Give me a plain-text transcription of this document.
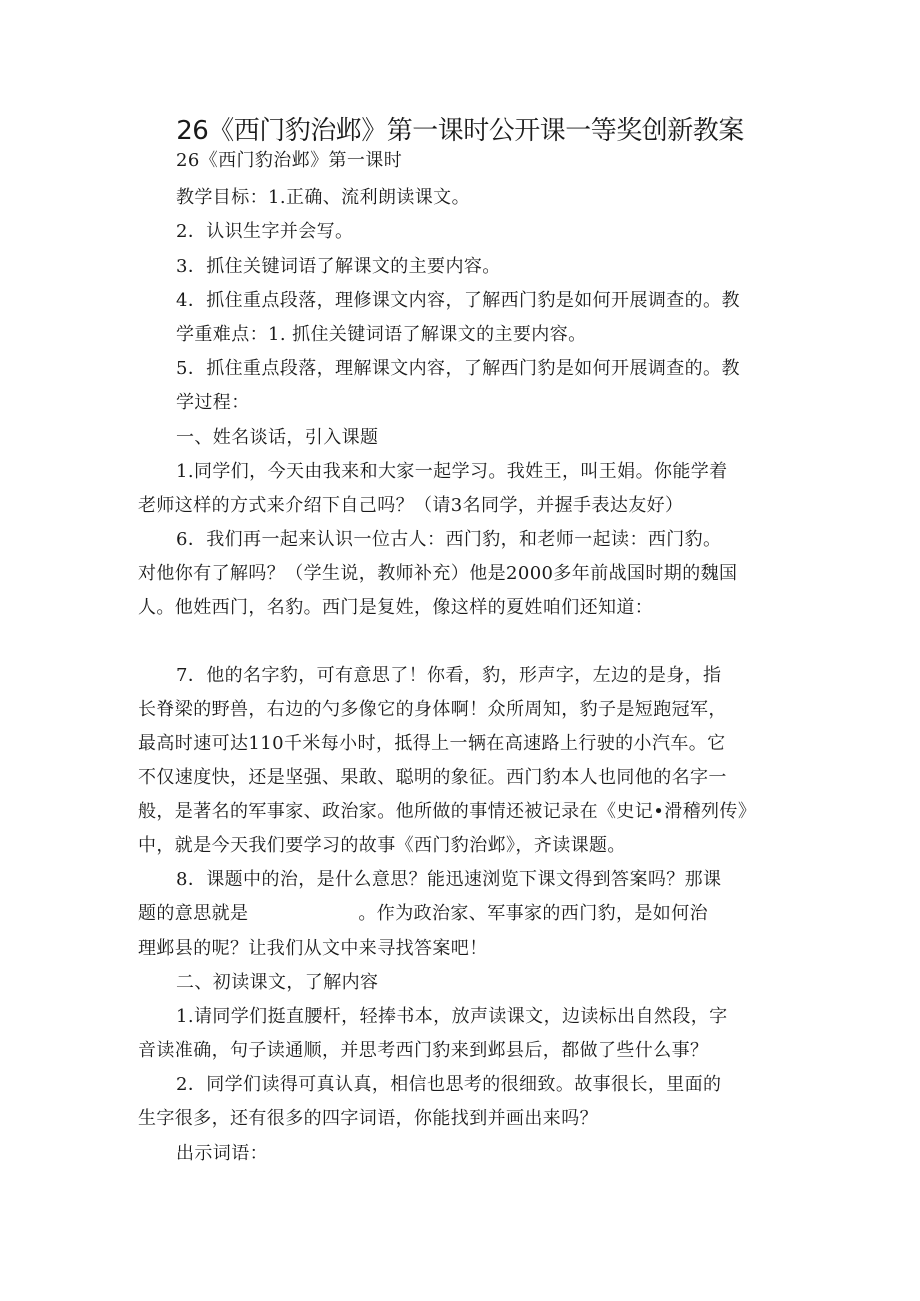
26《西门豹治邺》第一课时公开课一等奖创新教案
26《西门豹治邺》第一课时
教学目标：1.正确、流利朗读课文。
2．认识生字并会写。
3．抓住关键词语了解课文的主要内容。
4．抓住重点段落，理修课文内容，了解西门豹是如何开展调查的。教
学重难点：1. 抓住关键词语了解课文的主要内容。
5．抓住重点段落，理解课文内容，了解西门豹是如何开展调查的。教
学过程：
一、姓名谈话，引入课题
1.同学们，今天由我来和大家一起学习。我姓王，叫王娟。你能学着
老师这样的方式来介绍下自己吗？（请3名同学，并握手表达友好）
6．我们再一起来认识一位古人：西门豹，和老师一起读：西门豹。
对他你有了解吗？（学生说，教师补充）他是2000多年前战国时期的魏国
人。他姓西门，名豹。西门是复姓，像这样的夏姓咱们还知道：
7．他的名字豹，可有意思了！你看，豹，形声字，左边的是身，指
长脊梁的野兽，右边的勺多像它的身体啊！众所周知，豹子是短跑冠军，
最高时速可达110千米每小时，抵得上一辆在高速路上行驶的小汽车。它
不仅速度快，还是坚强、果敢、聪明的象征。西门豹本人也同他的名字一
般，是著名的军事家、政治家。他所做的事情还被记录在《史记•滑稽列传》
中，就是今天我们要学习的故事《西门豹治邺》，齐读课题。
8．课题中的治，是什么意思？能迅速浏览下课文得到答案吗？那课
题的意思就是	。作为政治家、军事家的西门豹，是如何治
理邺县的呢？让我们从文中来寻找答案吧！
二、初读课文，了解内容
1.请同学们挺直腰杆，轻捧书本，放声读课文，边读标出自然段，字
音读准确，句子读通顺，并思考西门豹来到邺县后，都做了些什么事？
2．同学们读得可真认真，相信也思考的很细致。故事很长，里面的
生字很多，还有很多的四字词语，你能找到并画出来吗？
出示词语：
